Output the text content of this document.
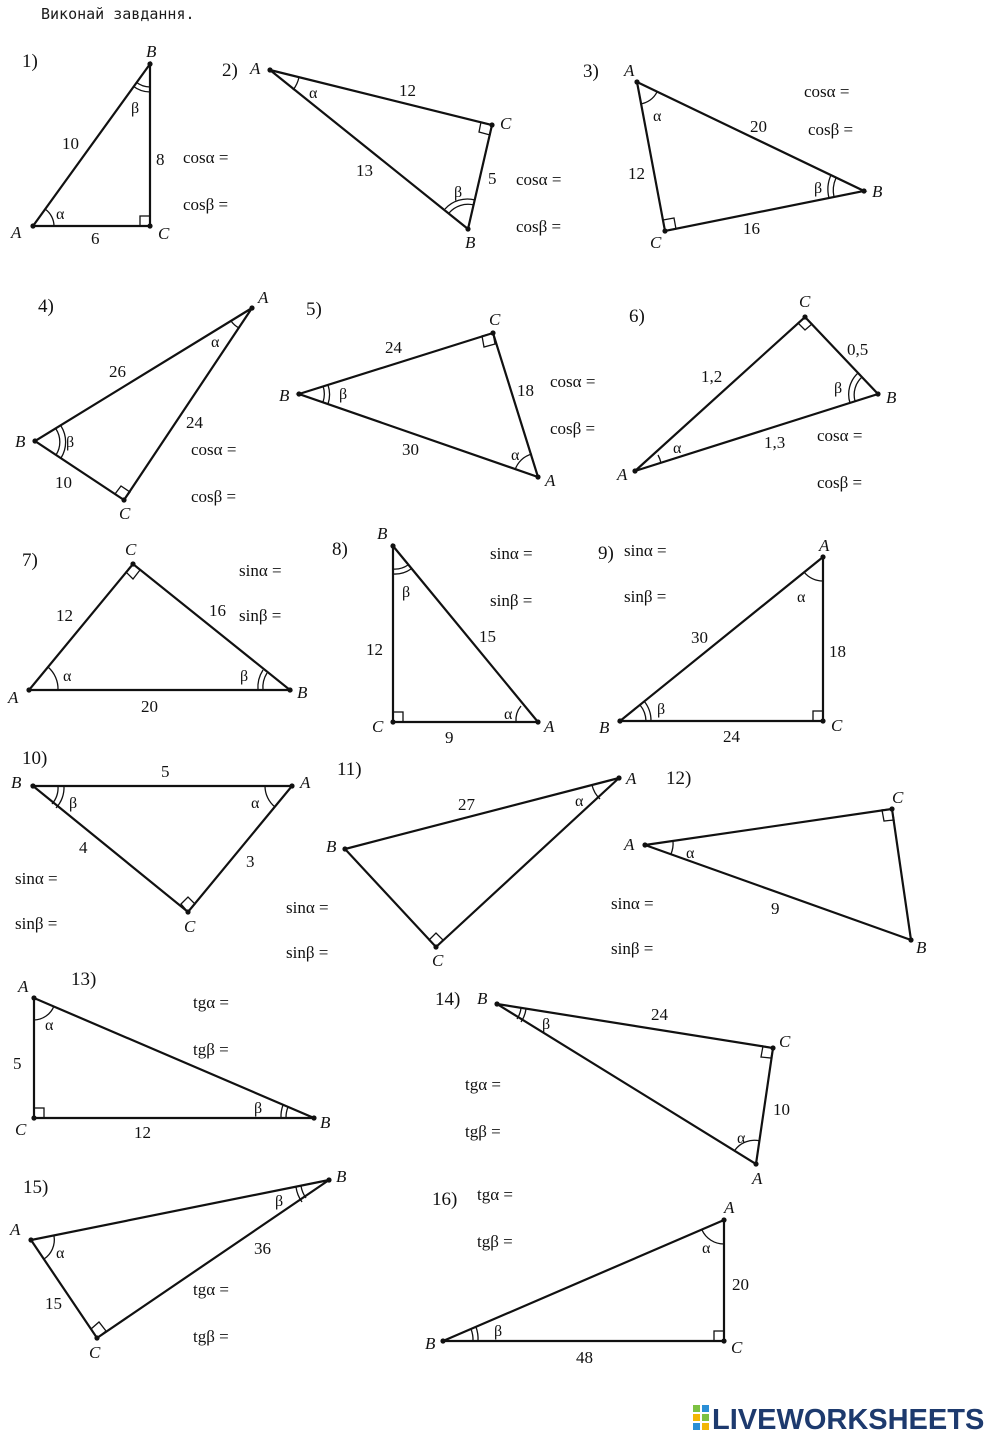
Виконай завдання.
1)
A
B
C
10
8
6
α
β
cosα =
cosβ =
2) A
C
B
12
5
13
α
β
cosα =
cosβ =
3) A
B
C
20
16
12
α
β
cosα =
cosβ =
4)	A
B
C
26
10
24
α
β	cosα =
cosβ =
5)	C
B
A
24
18
30	α
β
cosα =
cosβ =
6)
C
B
A
0,5
1,2
1,3
α
β
cosα =
cosβ =
7)
C
A	B
12	16
20
α	β
sinα =
sinβ =
8)
B
C	A
12
15
9
α
β
sinα =
sinβ =
9)	A
B	C
30
18
24
α
β
sinα =
sinβ =
10)
B	A
C
5
4
3
α
β
sinα =
sinβ =
11)	A
B
C
27	α
sinα =
sinβ =
12)
C
A
B
9
α
sinα =
sinβ =
13)
A
C	B
5
12
α
β
tgα =
tgβ =
14) B
C
A
24
10
β
α
tgα =
tgβ =
15)
B
A
C
36
15
β
α
tgα =
tgβ =
16)	A
B	C
20
48
α
β
tgα =
tgβ =
LIVEWORKSHEETS
